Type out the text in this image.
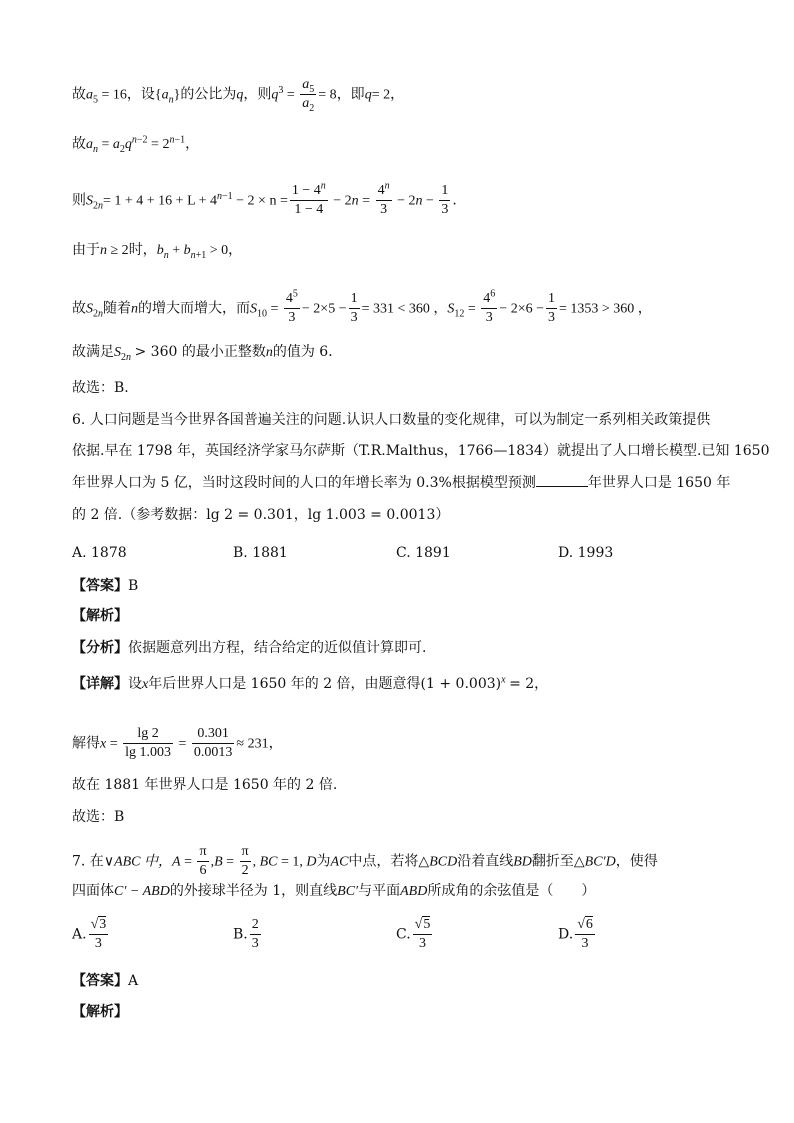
故$a_5 = 16$，设$\{a_n\}$的公比为q，则$q^3 = \frac{a_5}{a_2} = 8$，即q= 2，
故$a_n = a_2q^{n-2} = 2^{n-1}$，
则$S_{2n}= 1 + 4 + 16 + L + 4^{n-1} - 2 \times n = \frac{1 - 4^n}{1 - 4} - 2n = \frac{4^n}{3} - 2n - \frac{1}{3}$ .
由于n ≥ 2时，$b_n + b_{n+1} > 0$，
故$S_{2n}$随着n的增大而增大，而$S_{10} = \frac{4^5}{3} - 2\times 5 - \frac{1}{3} = 331 < 360$ ，$S_{12} = \frac{4^6}{3} - 2\times 6 - \frac{1}{3} = 1353 > 360$ ，
故满足$S_{2n} > 360$ 的最小正整数n的值为 6．
故选：B.
6. 人口问题是当今世界各国普遍关注的问题.认识人口数量的变化规律，可以为制定一系列相关政策提供
依据.早在 1798 年，英国经济学家马尔萨斯（T.R.Malthus，1766—1834）就提出了人口增长模型.已知 1650
年世界人口为 5 亿，当时这段时间的人口的年增长率为 0.3%根据模型预测	年世界人口是 1650 年
的 2 倍.（参考数据：lg 2 = 0.301，lg 1.003 = 0.0013）
A. 1878	B. 1881	C. 1891	D. 1993
【答案】B
【解析】
【分析】依据题意列出方程，结合给定的近似值计算即可.
【详解】设x年后世界人口是 1650 年的 2 倍，由题意得$(1 + 0.003)^x = 2$，
解得$x = \frac{\lg 2}{\lg 1.003} = \frac{0.301}{0.0013} \approx 231$，
故在 1881 年世界人口是 1650 年的 2 倍.
故选：B
7. 在∨ABC 中，$A = \frac{\pi}{6} ,B = \frac{\pi}{2}$ , BC = 1, D为AC中点，若将△BCD沿着直线BD翻折至△BC′D，使得
四面体C′ − ABD的外接球半径为 1，则直线BC′与平面ABD所成角的余弦值是（　　）
A. $\frac{√3}{3}$	B. $\frac{2}{3}$	C. $\frac{√5}{3}$	D. $\frac{√6}{3}$
【答案】A
【解析】
